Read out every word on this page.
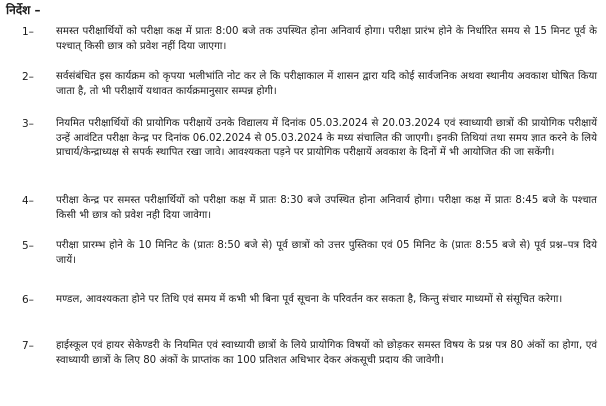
निर्देश –
1– समस्त परीक्षार्थियों को परीक्षा कक्ष में प्रातः 8:00 बजे तक उपस्थित होना अनिवार्य होगा। परीक्षा प्रारंभ होने के निर्धारित समय से 15 मिनट पूर्व के पश्चात् किसी छात्र को प्रवेश नहीं दिया जाएगा।

2– सर्वसंबंधित इस कार्यक्रम को कृपया भलीभांति नोट कर ले कि परीक्षाकाल में शासन द्वारा यदि कोई सार्वजनिक अथवा स्थानीय अवकाश घोषित किया जाता है, तो भी परीक्षायें यथावत कार्यक्रमानुसार सम्पन्न होगी।

3– नियमित परीक्षार्थियों की प्रायोगिक परीक्षायें उनके विद्यालय में दिनांक 05.03.2024 से 20.03.2024 एवं स्वाध्यायी छात्रों की प्रायोगिक परीक्षायें उन्हें आवंटित परीक्षा केन्द्र पर दिनांक 06.02.2024 से 05.03.2024 के मध्य संचालित की जाएगी। इनकी तिथियां तथा समय ज्ञात करने के लिये प्राचार्य/केन्द्राध्यक्ष से सपर्क स्थापित रखा जावे। आवश्यकता पड़ने पर प्रायोगिक परीक्षायें अवकाश के दिनों में भी आयोजित की जा सकेंगी।

4– परीक्षा केन्द्र पर समस्त परीक्षार्थियों को परीक्षा कक्ष में प्रातः 8:30 बजे उपस्थित होना अनिवार्य होगा। परीक्षा कक्ष में प्रातः 8:45 बजे के पश्चात किसी भी छात्र को प्रवेश नही दिया जावेगा।

5– परीक्षा प्रारम्भ होने के 10 मिनिट के (प्रातः 8:50 बजे से) पूर्व छात्रों को उत्तर पुस्तिका एवं 05 मिनिट के (प्रातः 8:55 बजे से) पूर्व प्रश्न–पत्र दिये जायें।

6– मण्डल, आवश्यकता होने पर तिथि एवं समय में कभी भी बिना पूर्व सूचना के परिवर्तन कर सकता है, किन्तु संचार माध्यमों से संसूचित करेगा।

7– हाईस्कूल एवं हायर सेकेण्डरी के नियमित एवं स्वाध्यायी छात्रों के लिये प्रायोगिक विषयों को छोड़कर समस्त विषय के प्रश्न पत्र 80 अंकों का होगा, एवं स्वाध्यायी छात्रों के लिए 80 अंकों के प्राप्तांक का 100 प्रतिशत अधिभार देकर अंकसूची प्रदाय की जावेगी।
